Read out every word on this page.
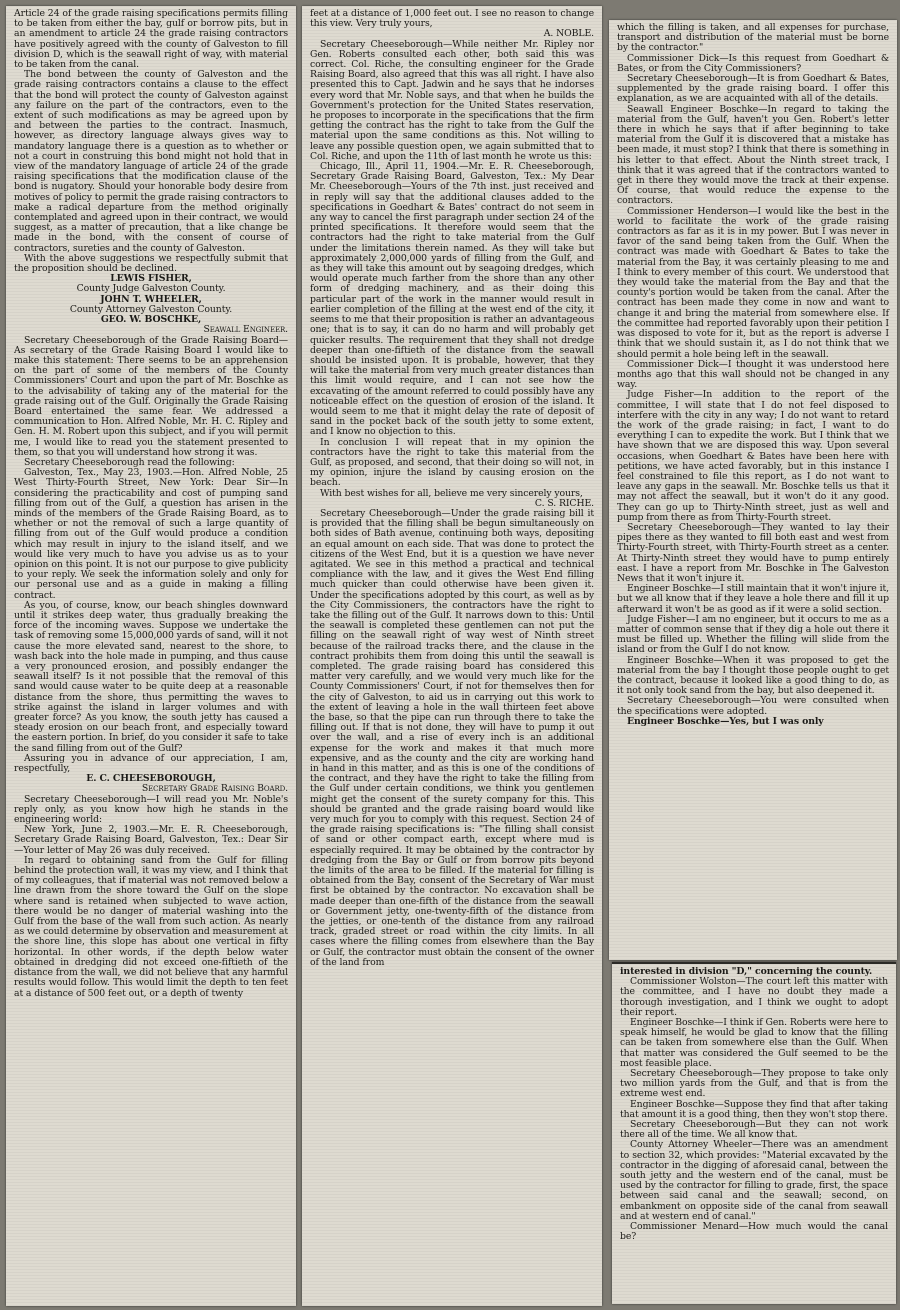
Article 24 of the grade raising specifications permits filling to be taken from either the bay, gulf or borrow pits, but in an amendment to article 24 the grade raising contractors have positively agreed with the county of Galveston to fill division D, which is the seawall right of way, with material to be taken from the canal.

The bond between the county of Galveston and the grade raising contractors contains a clause to the effect that the bond will protect the county of Galveston against any failure on the part of the contractors, even to the extent of such modifications as may be agreed upon by and between the parties to the contract. Inasmuch, however, as directory language always gives way to mandatory language there is a question as to whether or not a court in construing this bond might not hold that in view of the mandatory language of article 24 of the grade raising specifications that the modification clause of the bond is nugatory. Should your honorable body desire from motives of policy to permit the grade raising contractors to make a radical departure from the method originally contemplated and agreed upon in their contract, we would suggest, as a matter of precaution, that a like change be made in the bond, with the consent of course of contractors, sureties and the county of Galveston.

With the above suggestions we respectfully submit that the proposition should be declined.

LEWIS FISHER,

County Judge Galveston County.

JOHN T. WHEELER,

County Attorney Galveston County.

GEO. W. BOSCHKE,

Seawall Engineer.

Secretary Cheeseborough of the Grade Raising Board—As secretary of the Grade Raising Board I would like to make this statement: There seems to be an apprehension on the part of some of the members of the County Commissioners' Court and upon the part of Mr. Boschke as to the advisability of taking any of the material for the grade raising out of the Gulf. Originally the Grade Raising Board entertained the same fear. We addressed a communication to Hon. Alfred Noble, Mr. H. C. Ripley and Gen. H. M. Robert upon this subject, and if you will permit me, I would like to read you the statement presented to them, so that you will understand how strong it was.

Secretary Cheeseborough read the following:

Galveston, Tex., May 23, 1903.—Hon. Alfred Noble, 25 West Thirty-Fourth Street, New York: Dear Sir—In considering the practicability and cost of pumping sand filling from out of the Gulf, a question has arisen in the minds of the members of the Grade Raising Board, as to whether or not the removal of such a large quantity of filling from out of the Gulf would produce a condition which may result in injury to the island itself, and we would like very much to have you advise us as to your opinion on this point. It is not our purpose to give publicity to your reply. We seek the information solely and only for our personal use and as a guide in making a filling contract.

As you, of course, know, our beach shingles downward until it strikes deep water, thus gradually breaking the force of the incoming waves. Suppose we undertake the task of removing some 15,000,000 yards of sand, will it not cause the more elevated sand, nearest to the shore, to wash back into the hole made in pumping, and thus cause a very pronounced erosion, and possibly endanger the seawall itself? Is it not possible that the removal of this sand would cause water to be quite deep at a reasonable distance from the shore, thus permitting the waves to strike against the island in larger volumes and with greater force? As you know, the south jetty has caused a steady erosion on our beach front, and especially toward the eastern portion. In brief, do you consider it safe to take the sand filling from out of the Gulf?

Assuring you in advance of our appreciation, I am, respectfully,

E. C. CHEESEBOROUGH,

Secretary Grade Raising Board.

Secretary Cheeseborough—I will read you Mr. Noble's reply only, as you know how high he stands in the engineering world:

New York, June 2, 1903.—Mr. E. R. Cheeseborough, Secretary Grade Raising Board, Galveston, Tex.: Dear Sir—Your letter of May 26 was duly received.

In regard to obtaining sand from the Gulf for filling behind the protection wall, it was my view, and I think that of my colleagues, that if material was not removed below a line drawn from the shore toward the Gulf on the slope where sand is retained when subjected to wave action, there would be no danger of material washing into the Gulf from the base of the wall from such action. As nearly as we could determine by observation and measurement at the shore line, this slope has about one vertical in fifty horizontal. In other words, if the depth below water obtained in dredging did not exceed one-fiftieth of the distance from the wall, we did not believe that any harmful results would follow. This would limit the depth to ten feet at a distance of 500 feet out, or a depth of twenty

feet at a distance of 1,000 feet out. I see no reason to change this view. Very truly yours,

A. NOBLE.

Secretary Cheeseborough—While neither Mr. Ripley nor Gen. Roberts consulted each other, both said this was correct. Col. Riche, the consulting engineer for the Grade Raising Board, also agreed that this was all right. I have also presented this to Capt. Jadwin and he says that he indorses every word that Mr. Noble says, and that when he builds the Government's protection for the United States reservation, he proposes to incorporate in the specifications that the firm getting the contract has the right to take from the Gulf the material upon the same conditions as this. Not willing to leave any possible question open, we again submitted that to Col. Riche, and upon the 11th of last month he wrote us this:

Chicago, Ill., April 11, 1904.—Mr. E. R. Cheeseborough, Secretary Grade Raising Board, Galveston, Tex.: My Dear Mr. Cheeseborough—Yours of the 7th inst. just received and in reply will say that the additional clauses added to the specifications in Goedhart & Bates' contract do not seem in any way to cancel the first paragraph under section 24 of the printed specifications. It therefore would seem that the contractors had the right to take material from the Gulf under the limitations therein named. As they will take but approximately 2,000,000 yards of filling from the Gulf, and as they will take this amount out by seagoing dredges, which would operate much farther from the shore than any other form of dredging machinery, and as their doing this particular part of the work in the manner would result in earlier completion of the filling at the west end of the city, it seems to me that their proposition is rather an advantageous one; that is to say, it can do no harm and will probably get quicker results. The requirement that they shall not dredge deeper than one-fiftieth of the distance from the seawall should be insisted upon. It is probable, however, that they will take the material from very much greater distances than this limit would require, and I can not see how the excavating of the amount referred to could possibly have any noticeable effect on the question of erosion of the island. It would seem to me that it might delay the rate of deposit of sand in the pocket back of the south jetty to some extent, and I know no objection to this.

In conclusion I will repeat that in my opinion the contractors have the right to take this material from the Gulf, as proposed, and second, that their doing so will not, in my opinion, injure the island by causing erosion on the beach.

With best wishes for all, believe me very sincerely yours,

C. S. RICHE.

Secretary Cheeseborough—Under the grade raising bill it is provided that the filling shall be begun simultaneously on both sides of Bath avenue, continuing both ways, depositing an equal amount on each side. That was done to protect the citizens of the West End, but it is a question we have never agitated. We see in this method a practical and technical compliance with the law, and it gives the West End filling much quicker than could otherwise have been given it. Under the specifications adopted by this court, as well as by the City Commissioners, the contractors have the right to take the filling out of the Gulf. It narrows down to this: Until the seawall is completed these gentlemen can not put the filling on the seawall right of way west of Ninth street because of the railroad tracks there, and the clause in the contract prohibits them from doing this until the seawall is completed. The grade raising board has considered this matter very carefully, and we would very much like for the County Commissioners' Court, if not for themselves then for the city of Galveston, to aid us in carrying out this work to the extent of leaving a hole in the wall thirteen feet above the base, so that the pipe can run through there to take the filling out. If that is not done, they will have to pump it out over the wall, and a rise of every inch is an additional expense for the work and makes it that much more expensive, and as the county and the city are working hand in hand in this matter, and as this is one of the conditions of the contract, and they have the right to take the filling from the Gulf under certain conditions, we think you gentlemen might get the consent of the surety company for this. This should be granted and the grade raising board would like very much for you to comply with this request. Section 24 of the grade raising specifications is: "The filling shall consist of sand or other compact earth, except where mud is especially required. It may be obtained by the contractor by dredging from the Bay or Gulf or from borrow pits beyond the limits of the area to be filled. If the material for filling is obtained from the Bay, consent of the Secretary of War must first be obtained by the contractor. No excavation shall be made deeper than one-fifth of the distance from the seawall or Government jetty, one-twenty-fifth of the distance from the jetties, or one-tenth of the distance from any railroad track, graded street or road within the city limits. In all cases where the filling comes from elsewhere than the Bay or Gulf, the contractor must obtain the consent of the owner of the land from

which the filling is taken, and all expenses for purchase, transport and distribution of the material must be borne by the contractor."

Commissioner Dick—Is this request from Goedhart & Bates, or from the City Commissioners?

Secretary Cheeseborough—It is from Goedhart & Bates, supplemented by the grade raising board. I offer this explanation, as we are acquainted with all of the details.

Seawall Engineer Boschke—In regard to taking the material from the Gulf, haven't you Gen. Robert's letter there in which he says that if after beginning to take material from the Gulf it is discovered that a mistake has been made, it must stop? I think that there is something in his letter to that effect. About the Ninth street track, I think that it was agreed that if the contractors wanted to get in there they would move the track at their expense. Of course, that would reduce the expense to the contractors.

Commissioner Henderson—I would like the best in the world to facilitate the work of the grade raising contractors as far as it is in my power. But I was never in favor of the sand being taken from the Gulf. When the contract was made with Goedhart & Bates to take the material from the Bay, it was certainly pleasing to me and I think to every member of this court. We understood that they would take the material from the Bay and that the county's portion would be taken from the canal. After the contract has been made they come in now and want to change it and bring the material from somewhere else. If the committee had reported favorably upon their petition I was disposed to vote for it, but as the report is adverse I think that we should sustain it, as I do not think that we should permit a hole being left in the seawall.

Commissioner Dick—I thought it was understood here months ago that this wall should not be changed in any way.

Judge Fisher—In addition to the report of the committee, I will state that I do not feel disposed to interfere with the city in any way; I do not want to retard the work of the grade raising; in fact, I want to do everything I can to expedite the work. But I think that we have shown that we are disposed this way. Upon several occasions, when Goedhart & Bates have been here with petitions, we have acted favorably, but in this instance I feel constrained to file this report, as I do not want to leave any gaps in the seawall. Mr. Boschke tells us that it may not affect the seawall, but it won't do it any good. They can go up to Thirty-Ninth street, just as well and pump from there as from Thirty-Fourth street.

Secretary Cheeseborough—They wanted to lay their pipes there as they wanted to fill both east and west from Thirty-Fourth street, with Thirty-Fourth street as a center. At Thirty-Ninth street they would have to pump entirely east. I have a report from Mr. Boschke in The Galveston News that it won't injure it.

Engineer Boschke—I still maintain that it won't injure it, but we all know that if they leave a hole there and fill it up afterward it won't be as good as if it were a solid section.

Judge Fisher—I am no engineer, but it occurs to me as a matter of common sense that if they dig a hole out there it must be filled up. Whether the filling will slide from the island or from the Gulf I do not know.

Engineer Boschke—When it was proposed to get the material from the bay I thought those people ought to get the contract, because it looked like a good thing to do, as it not only took sand from the bay, but also deepened it.

Secretary Cheeseborough—You were consulted when the specifications were adopted.

Engineer Boschke—Yes, but I was only

interested in division "D," concerning the county.

Commissioner Wolston—The court left this matter with the committee, and I have no doubt they made a thorough investigation, and I think we ought to adopt their report.

Engineer Boschke—I think if Gen. Roberts were here to speak himself, he would be glad to know that the filling can be taken from somewhere else than the Gulf. When that matter was considered the Gulf seemed to be the most feasible place.

Secretary Cheeseborough—They propose to take only two million yards from the Gulf, and that is from the extreme west end.

Engineer Boschke—Suppose they find that after taking that amount it is a good thing, then they won't stop there.

Secretary Cheeseborough—But they can not work there all of the time. We all know that.

County Attorney Wheeler—There was an amendment to section 32, which provides: "Material excavated by the contractor in the digging of aforesaid canal, between the south jetty and the western end of the canal, must be used by the contractor for filling to grade, first, the space between said canal and the seawall; second, on embankment on opposite side of the canal from seawall and at western end of canal."

Commissioner Menard—How much would the canal be?
